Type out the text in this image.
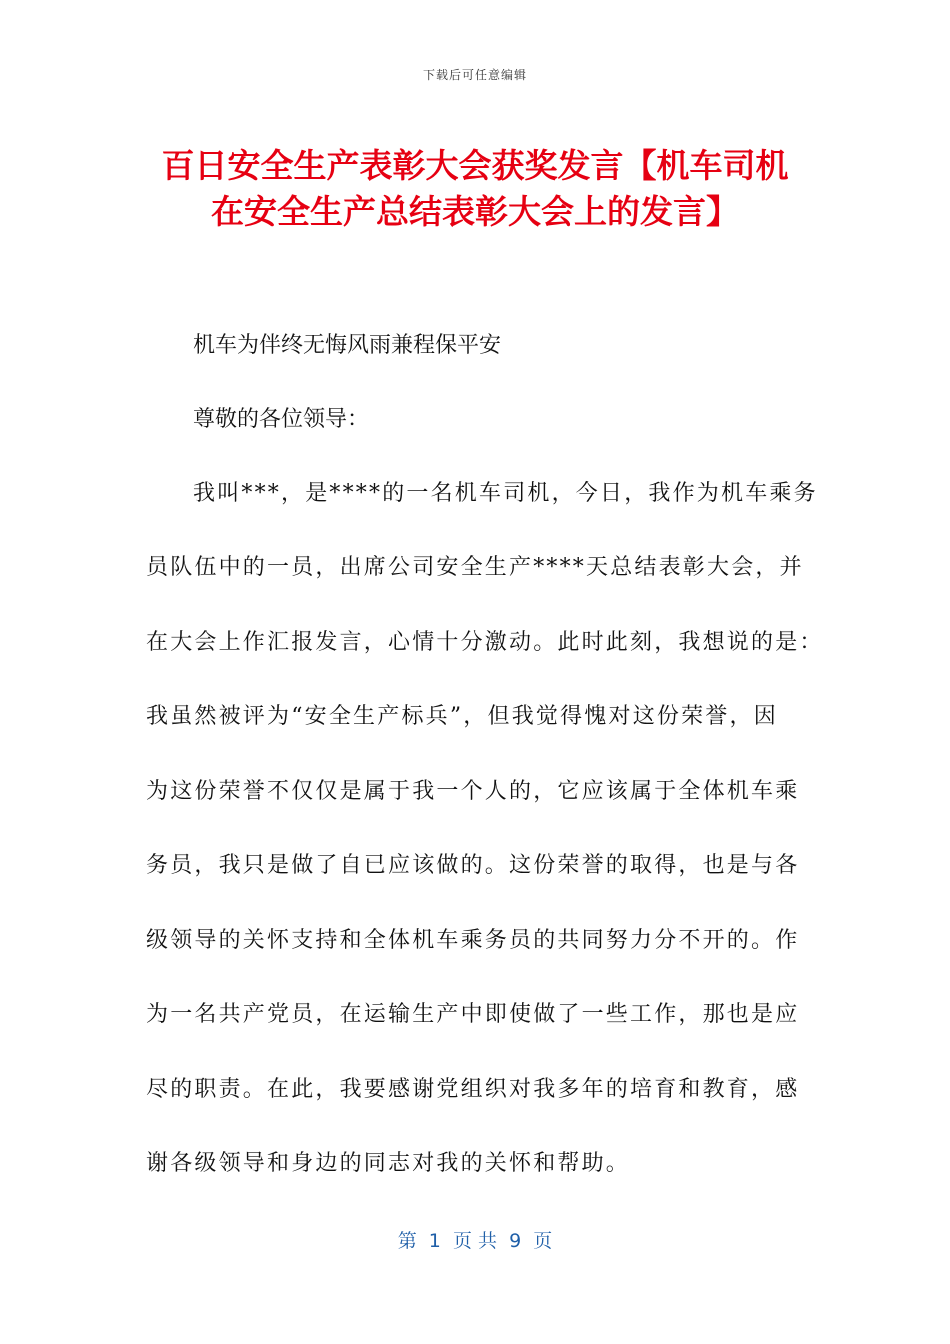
下载后可任意编辑
百日安全生产表彰大会获奖发言【机车司机
在安全生产总结表彰大会上的发言】
机车为伴终无悔风雨兼程保平安
尊敬的各位领导：
我叫***，是****的一名机车司机，今日，我作为机车乘务
员队伍中的一员，出席公司安全生产****天总结表彰大会，并
在大会上作汇报发言，心情十分激动。此时此刻，我想说的是：
我虽然被评为“安全生产标兵”，但我觉得愧对这份荣誉，因
为这份荣誉不仅仅是属于我一个人的，它应该属于全体机车乘
务员，我只是做了自已应该做的。这份荣誉的取得，也是与各
级领导的关怀支持和全体机车乘务员的共同努力分不开的。作
为一名共产党员，在运输生产中即使做了一些工作，那也是应
尽的职责。在此，我要感谢党组织对我多年的培育和教育，感
谢各级领导和身边的同志对我的关怀和帮助。
第  1  页 共  9  页
